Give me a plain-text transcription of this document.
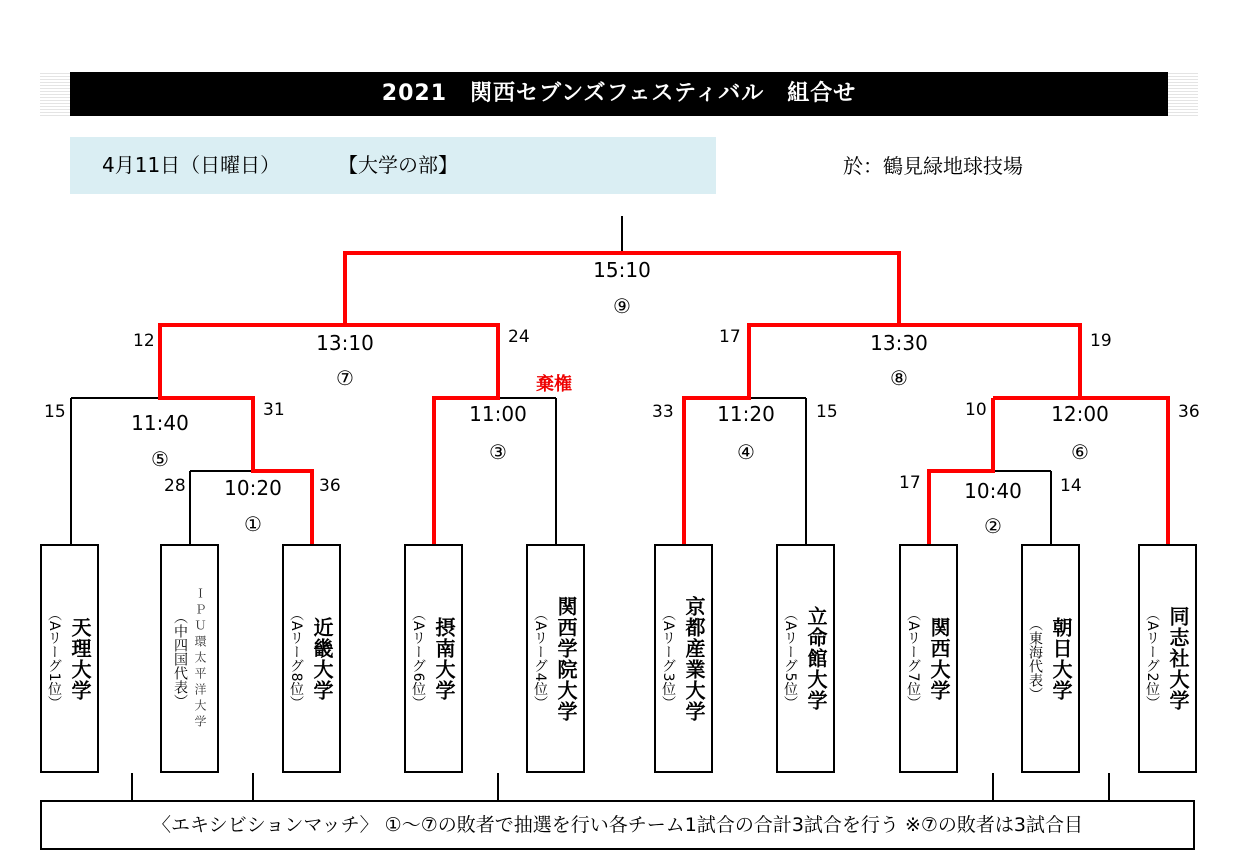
2021　関西セブンズフェスティバル　組合せ
4月11日（日曜日）	【大学の部】	於：鶴見緑地球技場
15:10
⑨
12	13:10	24
⑦
17	13:30	19
⑧
15	11:40
31
⑤
28 10:20 36
①
棄権
11:00
③
33 11:20 15
④
10	12:00	36
⑥
17 10:40 14
②
天理大学
（Aリーグ1位）	ＩＰＵ環太平洋大学
（中四国代表）	近畿大学
（Aリーグ8位）	摂南大学
（Aリーグ6位）	関西学院大学
（Aリーグ4位）	京都産業大学
（Aリーグ3位）	立命館大学
（Aリーグ5位）	関西大学
（Aリーグ7位）	朝日大学
（東海代表）	同志社大学
（Aリーグ2位）
〈エキシビションマッチ〉 ①〜⑦の敗者で抽選を行い各チーム1試合の合計3試合を行う ※⑦の敗者は3試合目
